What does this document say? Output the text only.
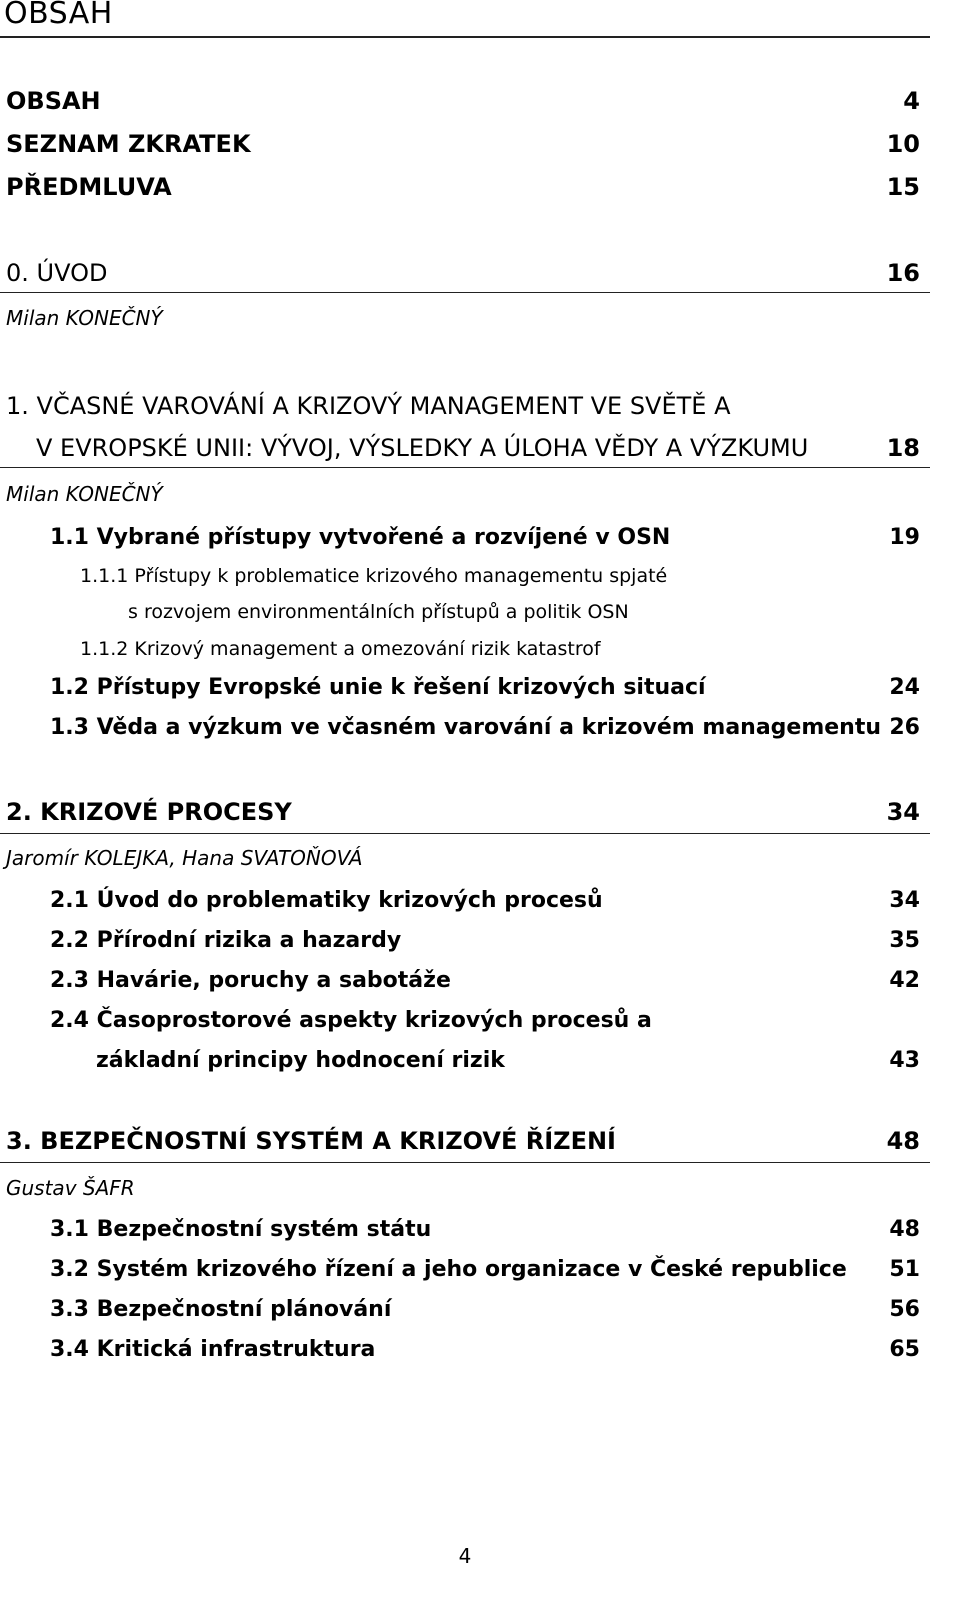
OBSAH
OBSAH	4
SEZNAM ZKRATEK	10
PŘEDMLUVA	15
0. ÚVOD	16
Milan KONEČNÝ
1. VČASNÉ VAROVÁNÍ A KRIZOVÝ MANAGEMENT VE SVĚTĚ A
V EVROPSKÉ UNII: VÝVOJ, VÝSLEDKY A ÚLOHA VĚDY A VÝZKUMU	18
Milan KONEČNÝ
1.1 Vybrané přístupy vytvořené a rozvíjené v OSN	19
1.1.1 Přístupy k problematice krizového managementu spjaté
s rozvojem environmentálních přístupů a politik OSN
1.1.2 Krizový management a omezování rizik katastrof
1.2 Přístupy Evropské unie k řešení krizových situací	24
1.3 Věda a výzkum ve včasném varování a krizovém managementu 26
2. KRIZOVÉ PROCESY	34
Jaromír KOLEJKA, Hana SVATOŇOVÁ
2.1 Úvod do problematiky krizových procesů	34
2.2 Přírodní rizika a hazardy	35
2.3 Havárie, poruchy a sabotáže	42
2.4 Časoprostorové aspekty krizových procesů a
základní principy hodnocení rizik	43
3. BEZPEČNOSTNÍ SYSTÉM A KRIZOVÉ ŘÍZENÍ	48
Gustav ŠAFR
3.1 Bezpečnostní systém státu	48
3.2 Systém krizového řízení a jeho organizace v České republice 51
3.3 Bezpečnostní plánování	56
3.4 Kritická infrastruktura	65
4
